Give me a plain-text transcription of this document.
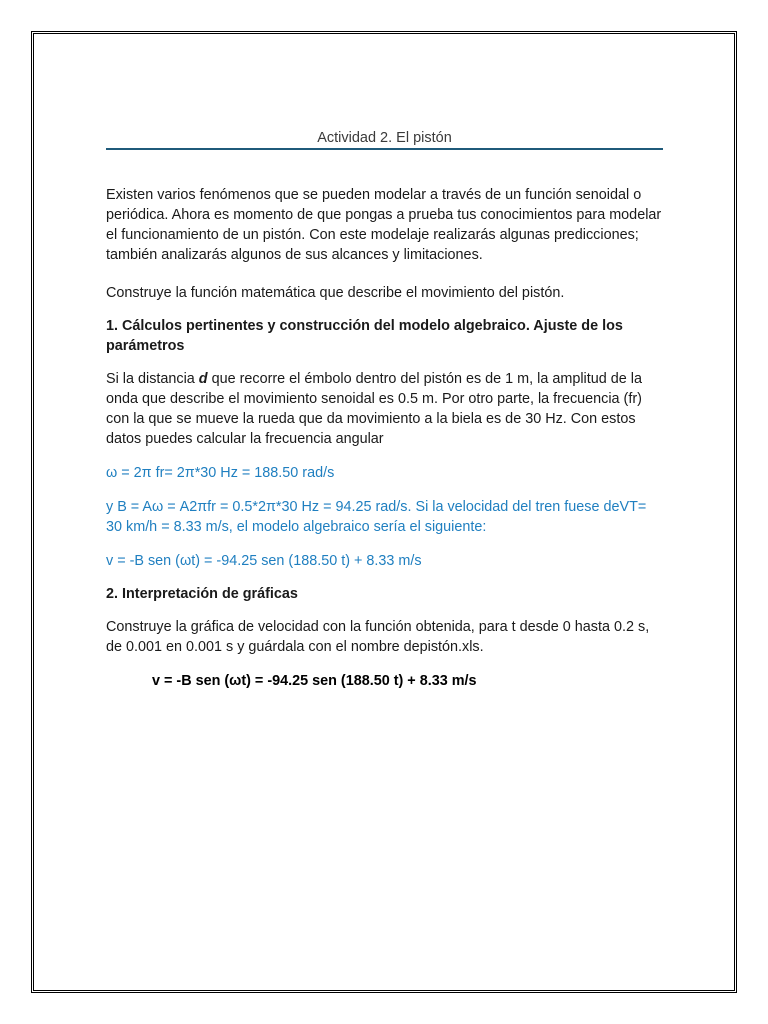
Actividad 2. El pistón

Existen varios fenómenos que se pueden modelar a través de un función senoidal o periódica. Ahora es momento de que pongas a prueba tus conocimientos para modelar el funcionamiento de un pistón. Con este modelaje realizarás algunas predicciones; también analizarás algunos de sus alcances y limitaciones.

Construye la función matemática que describe el movimiento del pistón.

1. Cálculos pertinentes y construcción del modelo algebraico. Ajuste de los parámetros

Si la distancia d que recorre el émbolo dentro del pistón es de 1 m, la amplitud de la onda que describe el movimiento senoidal es 0.5 m. Por otro parte, la frecuencia (fr) con la que se mueve la rueda que da movimiento a la biela es de 30 Hz. Con estos datos puedes calcular la frecuencia angular

ω = 2π fr= 2π*30 Hz = 188.50 rad/s

y B = Aω = A2πfr = 0.5*2π*30 Hz = 94.25 rad/s. Si la velocidad del tren fuese deVT= 30 km/h = 8.33 m/s, el modelo algebraico sería el siguiente:

v = -B sen (ωt) = -94.25 sen (188.50 t) + 8.33 m/s

2. Interpretación de gráficas

Construye la gráfica de velocidad con la función obtenida, para t desde 0 hasta 0.2 s, de 0.001 en 0.001 s y guárdala con el nombre depistón.xls.

v = -B sen (ωt) = -94.25 sen (188.50 t) + 8.33 m/s
